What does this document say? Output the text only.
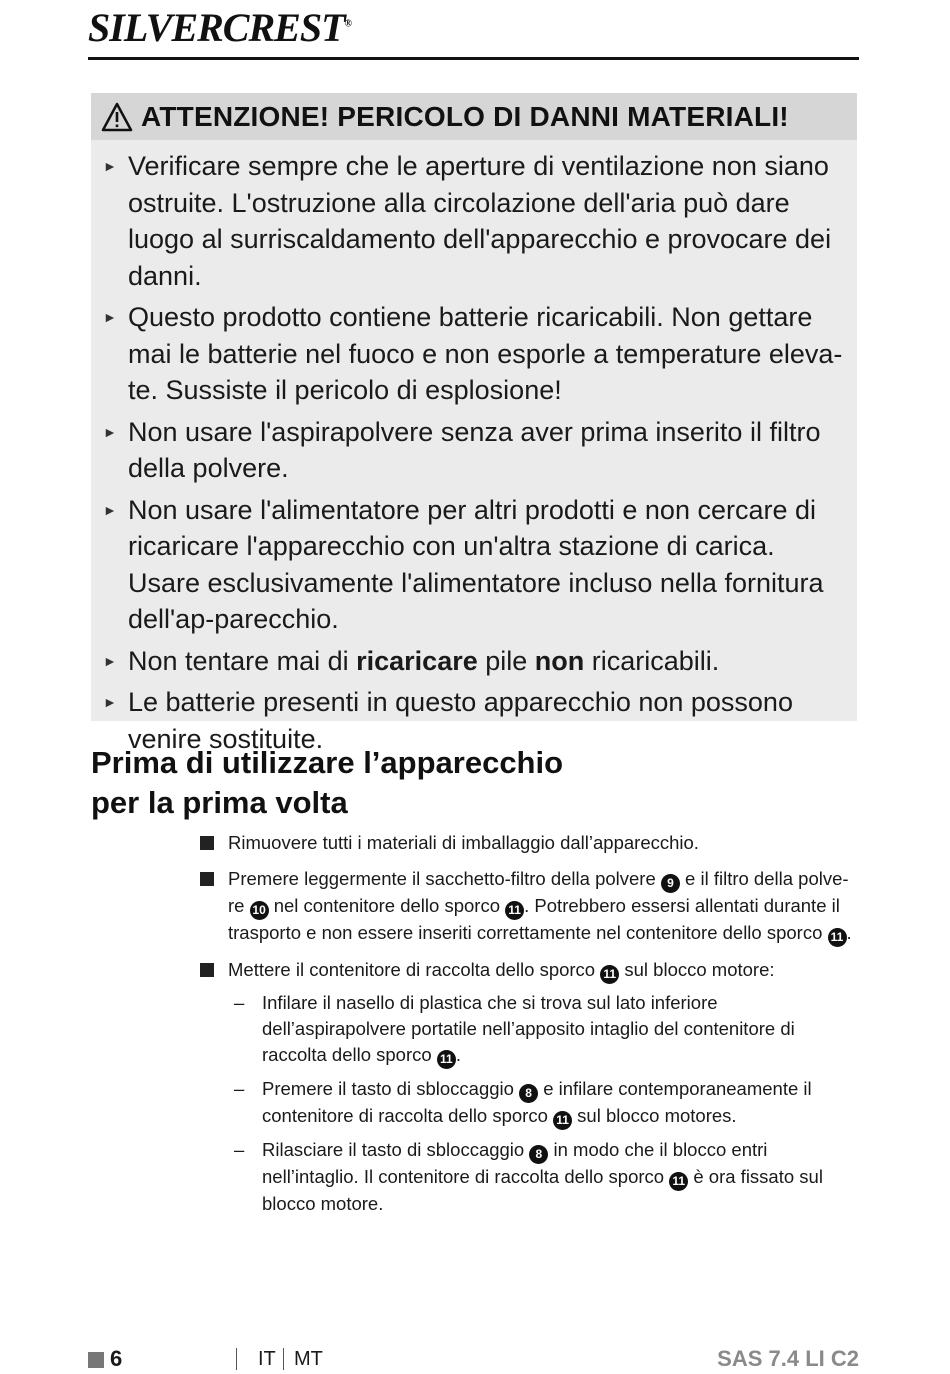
SILVERCREST®
ATTENZIONE! PERICOLO DI DANNI MATERIALI!
► Verificare sempre che le aperture di ventilazione non siano ostruite. L'ostruzione alla circolazione dell'aria può dare luogo al surriscaldamento dell'apparecchio e provocare dei danni.
► Questo prodotto contiene batterie ricaricabili. Non gettare mai le batterie nel fuoco e non esporle a temperature eleva-te. Sussiste il pericolo di esplosione!
► Non usare l'aspirapolvere senza aver prima inserito il filtro della polvere.
► Non usare l'alimentatore per altri prodotti e non cercare di ricaricare l'apparecchio con un'altra stazione di carica. Usare esclusivamente l'alimentatore incluso nella fornitura dell'ap-parecchio.
► Non tentare mai di ricaricare pile non ricaricabili.
► Le batterie presenti in questo apparecchio non possono venire sostituite.
Prima di utilizzare l’apparecchio
per la prima volta
Rimuovere tutti i materiali di imballaggio dall’apparecchio.
Premere leggermente il sacchetto-filtro della polvere 9 e il filtro della polve-re 10 nel contenitore dello sporco 11 . Potrebbero essersi allentati durante il trasporto e non essere inseriti correttamente nel contenitore dello sporco 11 .
Mettere il contenitore di raccolta dello sporco 11 sul blocco motore:
– Infilare il nasello di plastica che si trova sul lato inferiore dell’aspirapolvere portatile nell’apposito intaglio del contenitore di raccolta dello sporco 11 .
– Premere il tasto di sbloccaggio 8 e infilare contemporaneamente il contenitore di raccolta dello sporco 11 sul blocco motores.
– Rilasciare il tasto di sbloccaggio 8 in modo che il blocco entri nell’intaglio. Il contenitore di raccolta dello sporco 11 è ora fissato sul blocco motore.
6	IT MT	SAS 7.4 LI C2
